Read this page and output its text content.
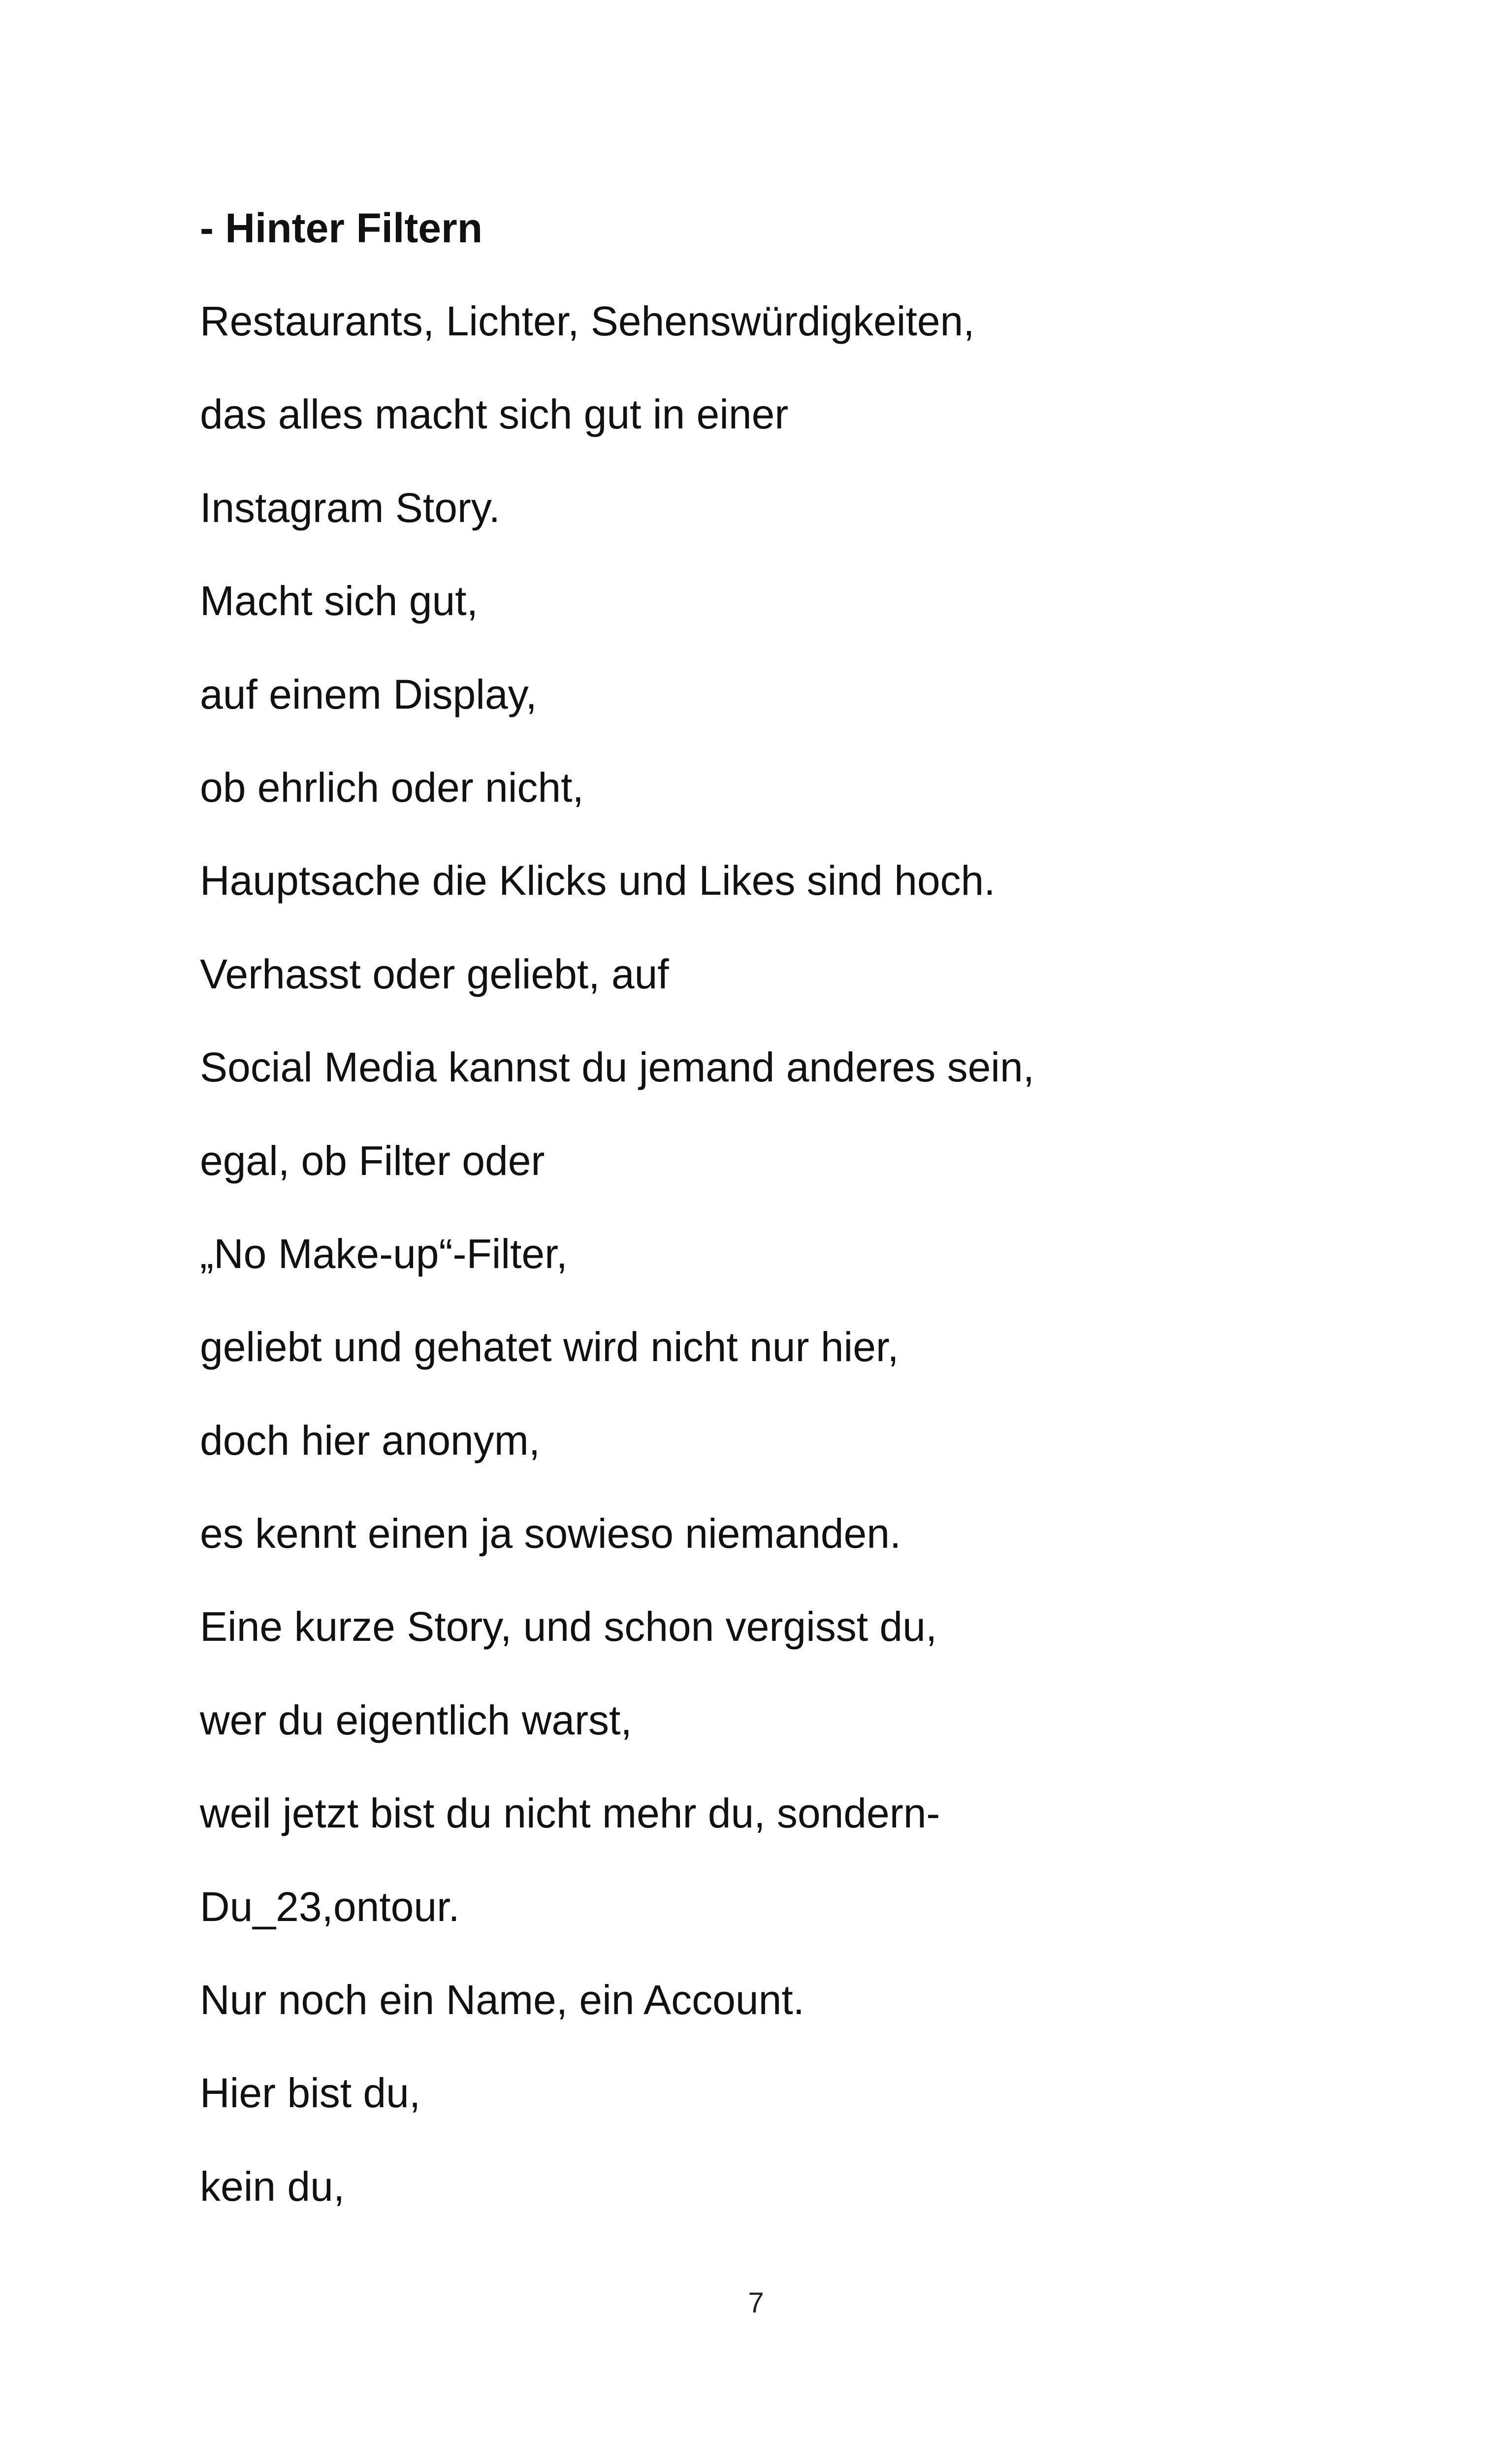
- Hinter Filtern
Restaurants, Lichter, Sehenswürdigkeiten,
das alles macht sich gut in einer
Instagram Story.
Macht sich gut,
auf einem Display,
ob ehrlich oder nicht,
Hauptsache die Klicks und Likes sind hoch.
Verhasst oder geliebt, auf
Social Media kannst du jemand anderes sein,
egal, ob Filter oder
„No Make-up“-Filter,
geliebt und gehatet wird nicht nur hier,
doch hier anonym,
es kennt einen ja sowieso niemanden.
Eine kurze Story, und schon vergisst du,
wer du eigentlich warst,
weil jetzt bist du nicht mehr du, sondern-
Du_23,ontour.
Nur noch ein Name, ein Account.
Hier bist du,
kein du,
7
